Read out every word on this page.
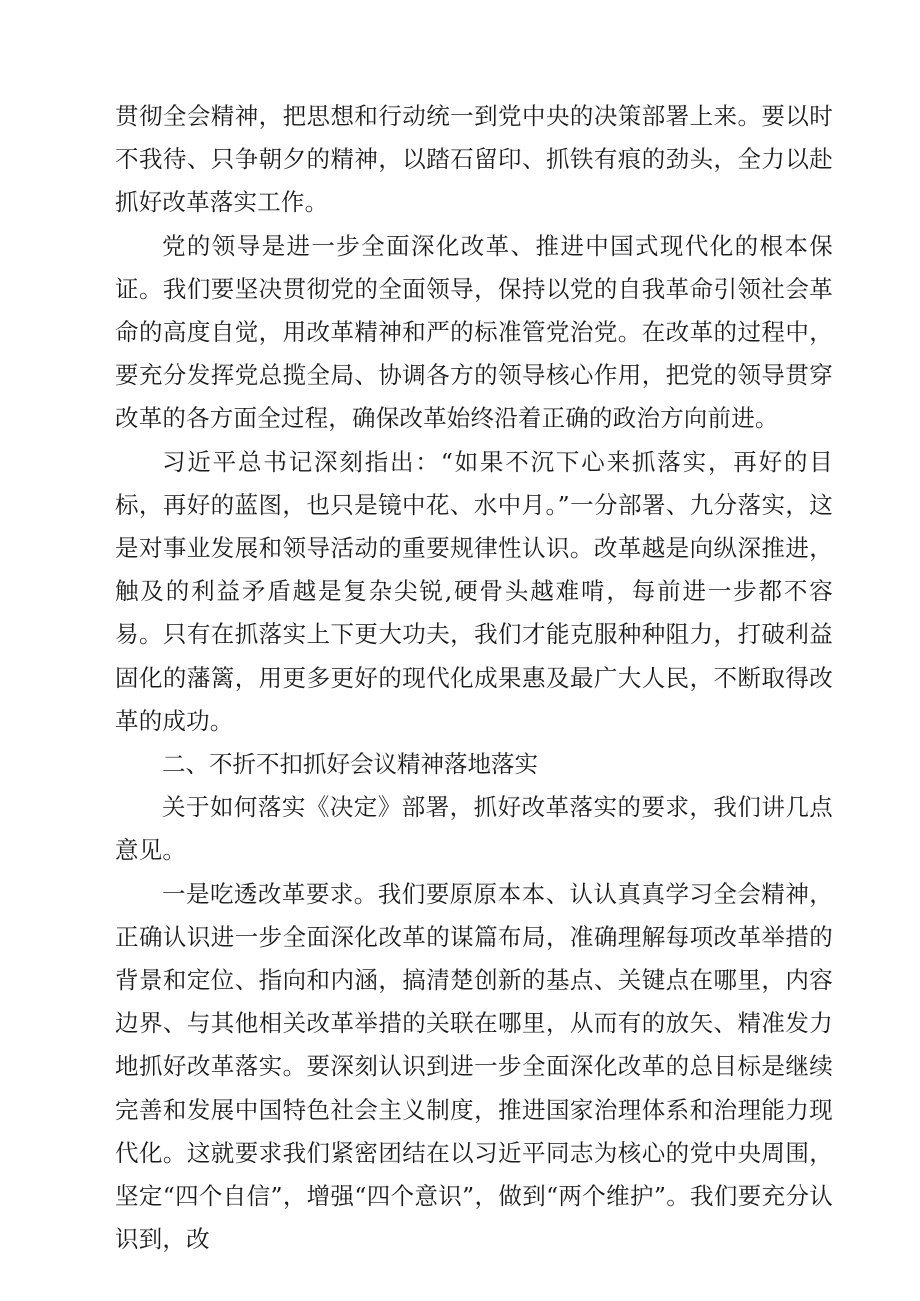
贯彻全会精神，把思想和行动统一到党中央的决策部署上来。要以时不我待、只争朝夕的精神，以踏石留印、抓铁有痕的劲头，全力以赴抓好改革落实工作。

党的领导是进一步全面深化改革、推进中国式现代化的根本保证。我们要坚决贯彻党的全面领导，保持以党的自我革命引领社会革命的高度自觉，用改革精神和严的标准管党治党。在改革的过程中，要充分发挥党总揽全局、协调各方的领导核心作用，把党的领导贯穿改革的各方面全过程，确保改革始终沿着正确的政治方向前进。

习近平总书记深刻指出：“如果不沉下心来抓落实，再好的目标，再好的蓝图，也只是镜中花、水中月。”一分部署、九分落实，这是对事业发展和领导活动的重要规律性认识。改革越是向纵深推进，触及的利益矛盾越是复杂尖锐,硬骨头越难啃，每前进一步都不容易。只有在抓落实上下更大功夫，我们才能克服种种阻力，打破利益固化的藩篱，用更多更好的现代化成果惠及最广大人民，不断取得改革的成功。

二、不折不扣抓好会议精神落地落实

关于如何落实《决定》部署，抓好改革落实的要求，我们讲几点意见。

一是吃透改革要求。我们要原原本本、认认真真学习全会精神，正确认识进一步全面深化改革的谋篇布局，准确理解每项改革举措的背景和定位、指向和内涵，搞清楚创新的基点、关键点在哪里，内容边界、与其他相关改革举措的关联在哪里，从而有的放矢、精准发力地抓好改革落实。要深刻认识到进一步全面深化改革的总目标是继续完善和发展中国特色社会主义制度，推进国家治理体系和治理能力现代化。这就要求我们紧密团结在以习近平同志为核心的党中央周围，坚定“四个自信”，增强“四个意识”，做到“两个维护”。我们要充分认识到，改
